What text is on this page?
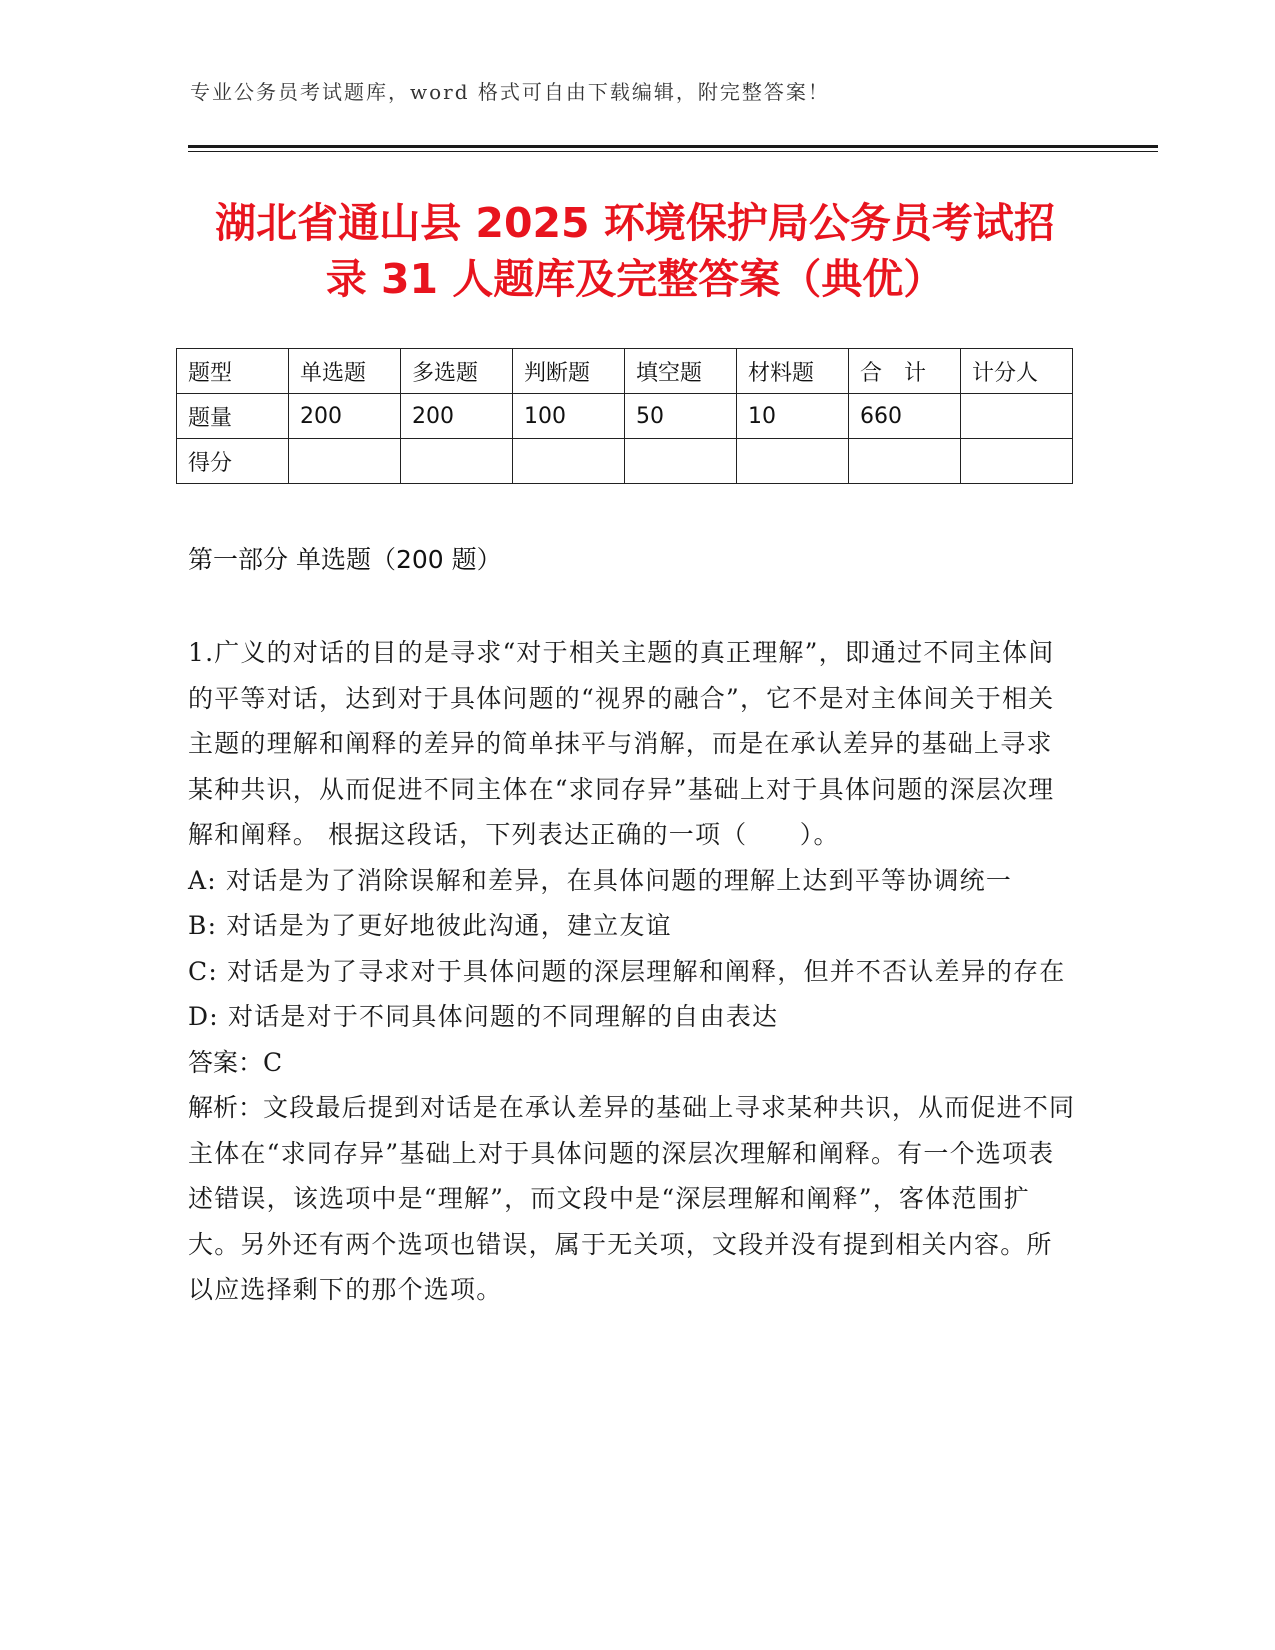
专业公务员考试题库，word 格式可自由下载编辑，附完整答案！
湖北省通山县 2025 环境保护局公务员考试招
录 31 人题库及完整答案（典优）
题型	单选题	多选题	判断题	填空题	材料题	合　计	计分人
题量	200	200	100	50	10	660	
得分							
第一部分 单选题（200 题）

1.广义的对话的目的是寻求“对于相关主题的真正理解”，即通过不同主体间的平等对话，达到对于具体问题的“视界的融合”，它不是对主体间关于相关主题的理解和阐释的差异的简单抹平与消解，而是在承认差异的基础上寻求某种共识，从而促进不同主体在“求同存异”基础上对于具体问题的深层次理解和阐释。 根据这段话，下列表达正确的一项（　　）。

A: 对话是为了消除误解和差异，在具体问题的理解上达到平等协调统一

B: 对话是为了更好地彼此沟通，建立友谊

C: 对话是为了寻求对于具体问题的深层理解和阐释，但并不否认差异的存在

D: 对话是对于不同具体问题的不同理解的自由表达

答案：C

解析：文段最后提到对话是在承认差异的基础上寻求某种共识，从而促进不同主体在“求同存异”基础上对于具体问题的深层次理解和阐释。有一个选项表述错误，该选项中是“理解”，而文段中是“深层理解和阐释”，客体范围扩大。另外还有两个选项也错误，属于无关项，文段并没有提到相关内容。所以应选择剩下的那个选项。
